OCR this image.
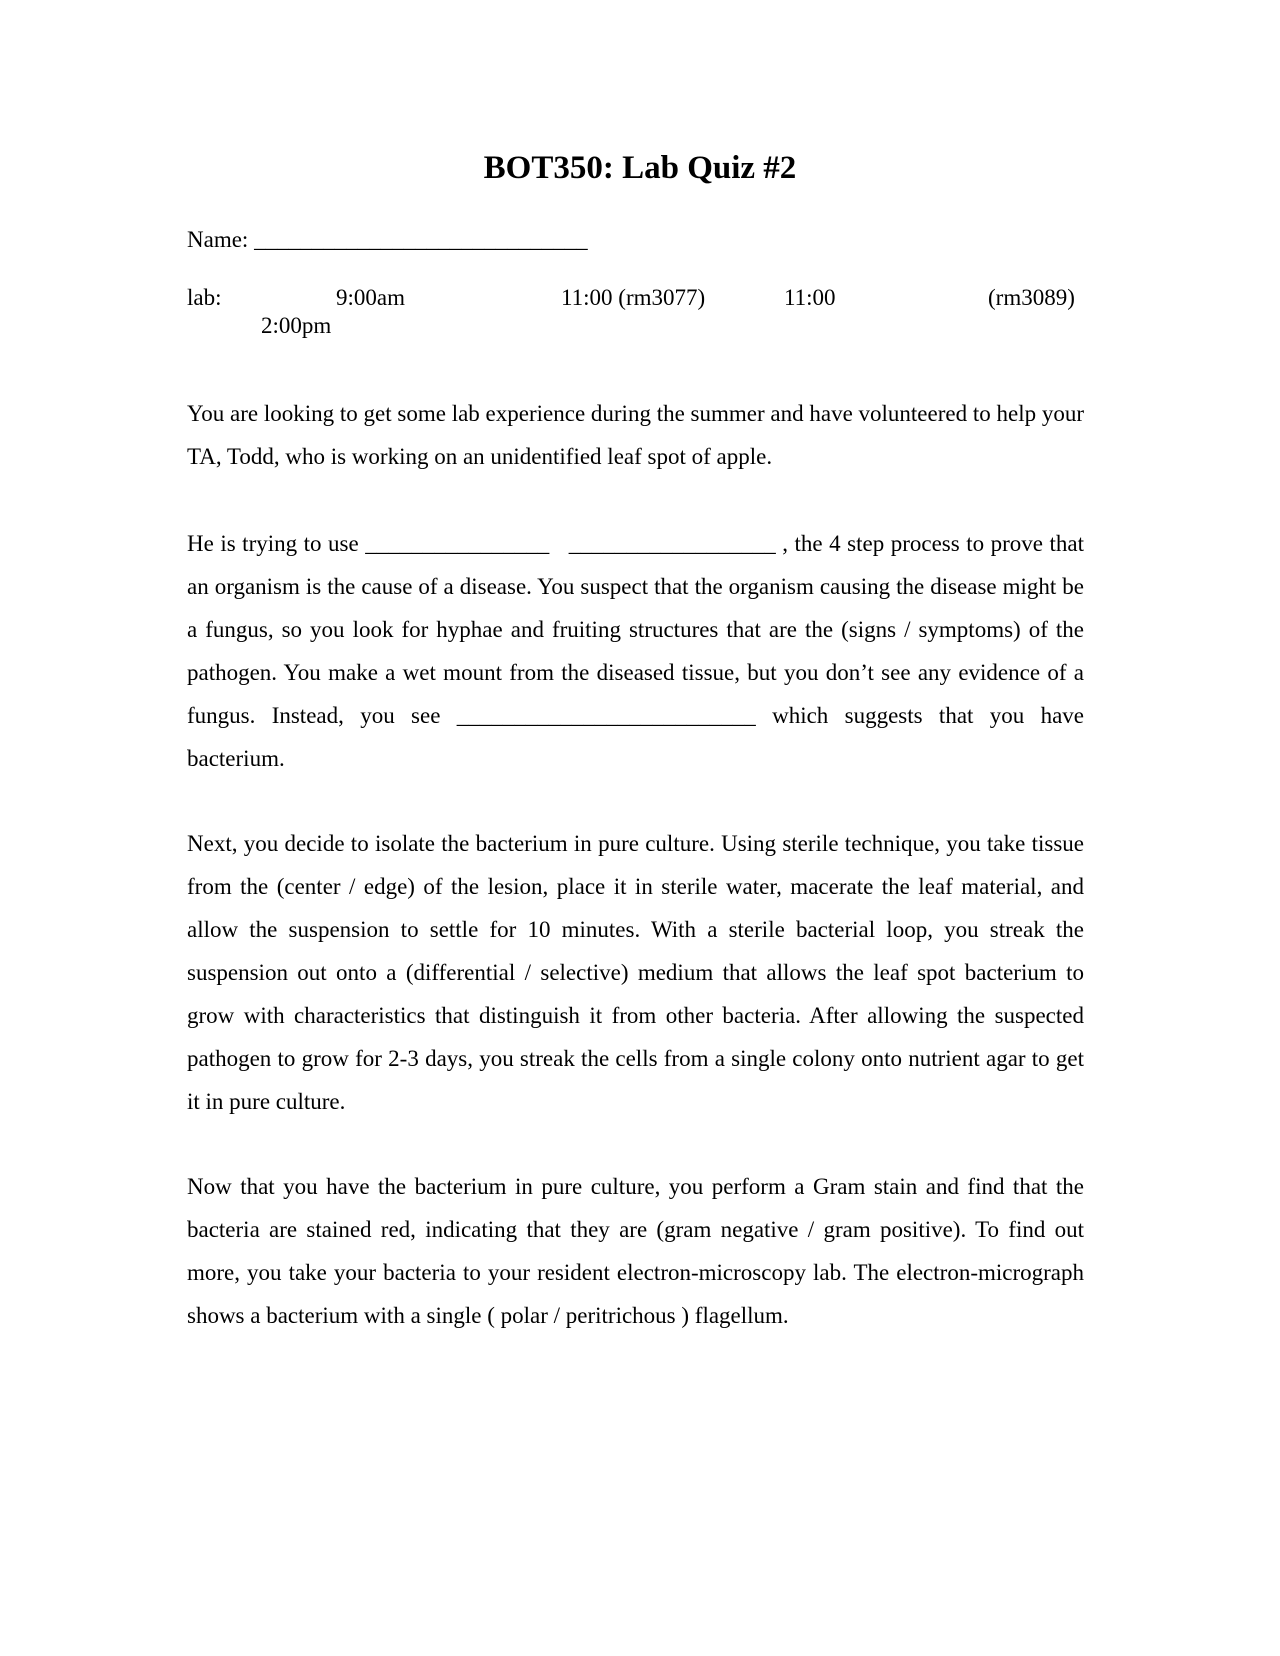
BOT350: Lab Quiz #2
Name: _____________________________
lab:	9:00am	11:00 (rm3077)	11:00	(rm3089)
2:00pm

You are looking to get some lab experience during the summer and have volunteered to help your TA, Todd, who is working on an unidentified leaf spot of apple.

He is trying to use ________________ __________________ , the 4 step process to prove that an organism is the cause of a disease. You suspect that the organism causing the disease might be a fungus, so you look for hyphae and fruiting structures that are the (signs / symptoms) of the pathogen. You make a wet mount from the diseased tissue, but you don’t see any evidence of a fungus. Instead, you see __________________________ which suggests that you have bacterium.

Next, you decide to isolate the bacterium in pure culture. Using sterile technique, you take tissue from the (center / edge) of the lesion, place it in sterile water, macerate the leaf material, and allow the suspension to settle for 10 minutes. With a sterile bacterial loop, you streak the suspension out onto a (differential / selective) medium that allows the leaf spot bacterium to grow with characteristics that distinguish it from other bacteria. After allowing the suspected pathogen to grow for 2-3 days, you streak the cells from a single colony onto nutrient agar to get it in pure culture.

Now that you have the bacterium in pure culture, you perform a Gram stain and find that the bacteria are stained red, indicating that they are (gram negative / gram positive). To find out more, you take your bacteria to your resident electron-microscopy lab. The electron-micrograph shows a bacterium with a single ( polar / peritrichous ) flagellum.
